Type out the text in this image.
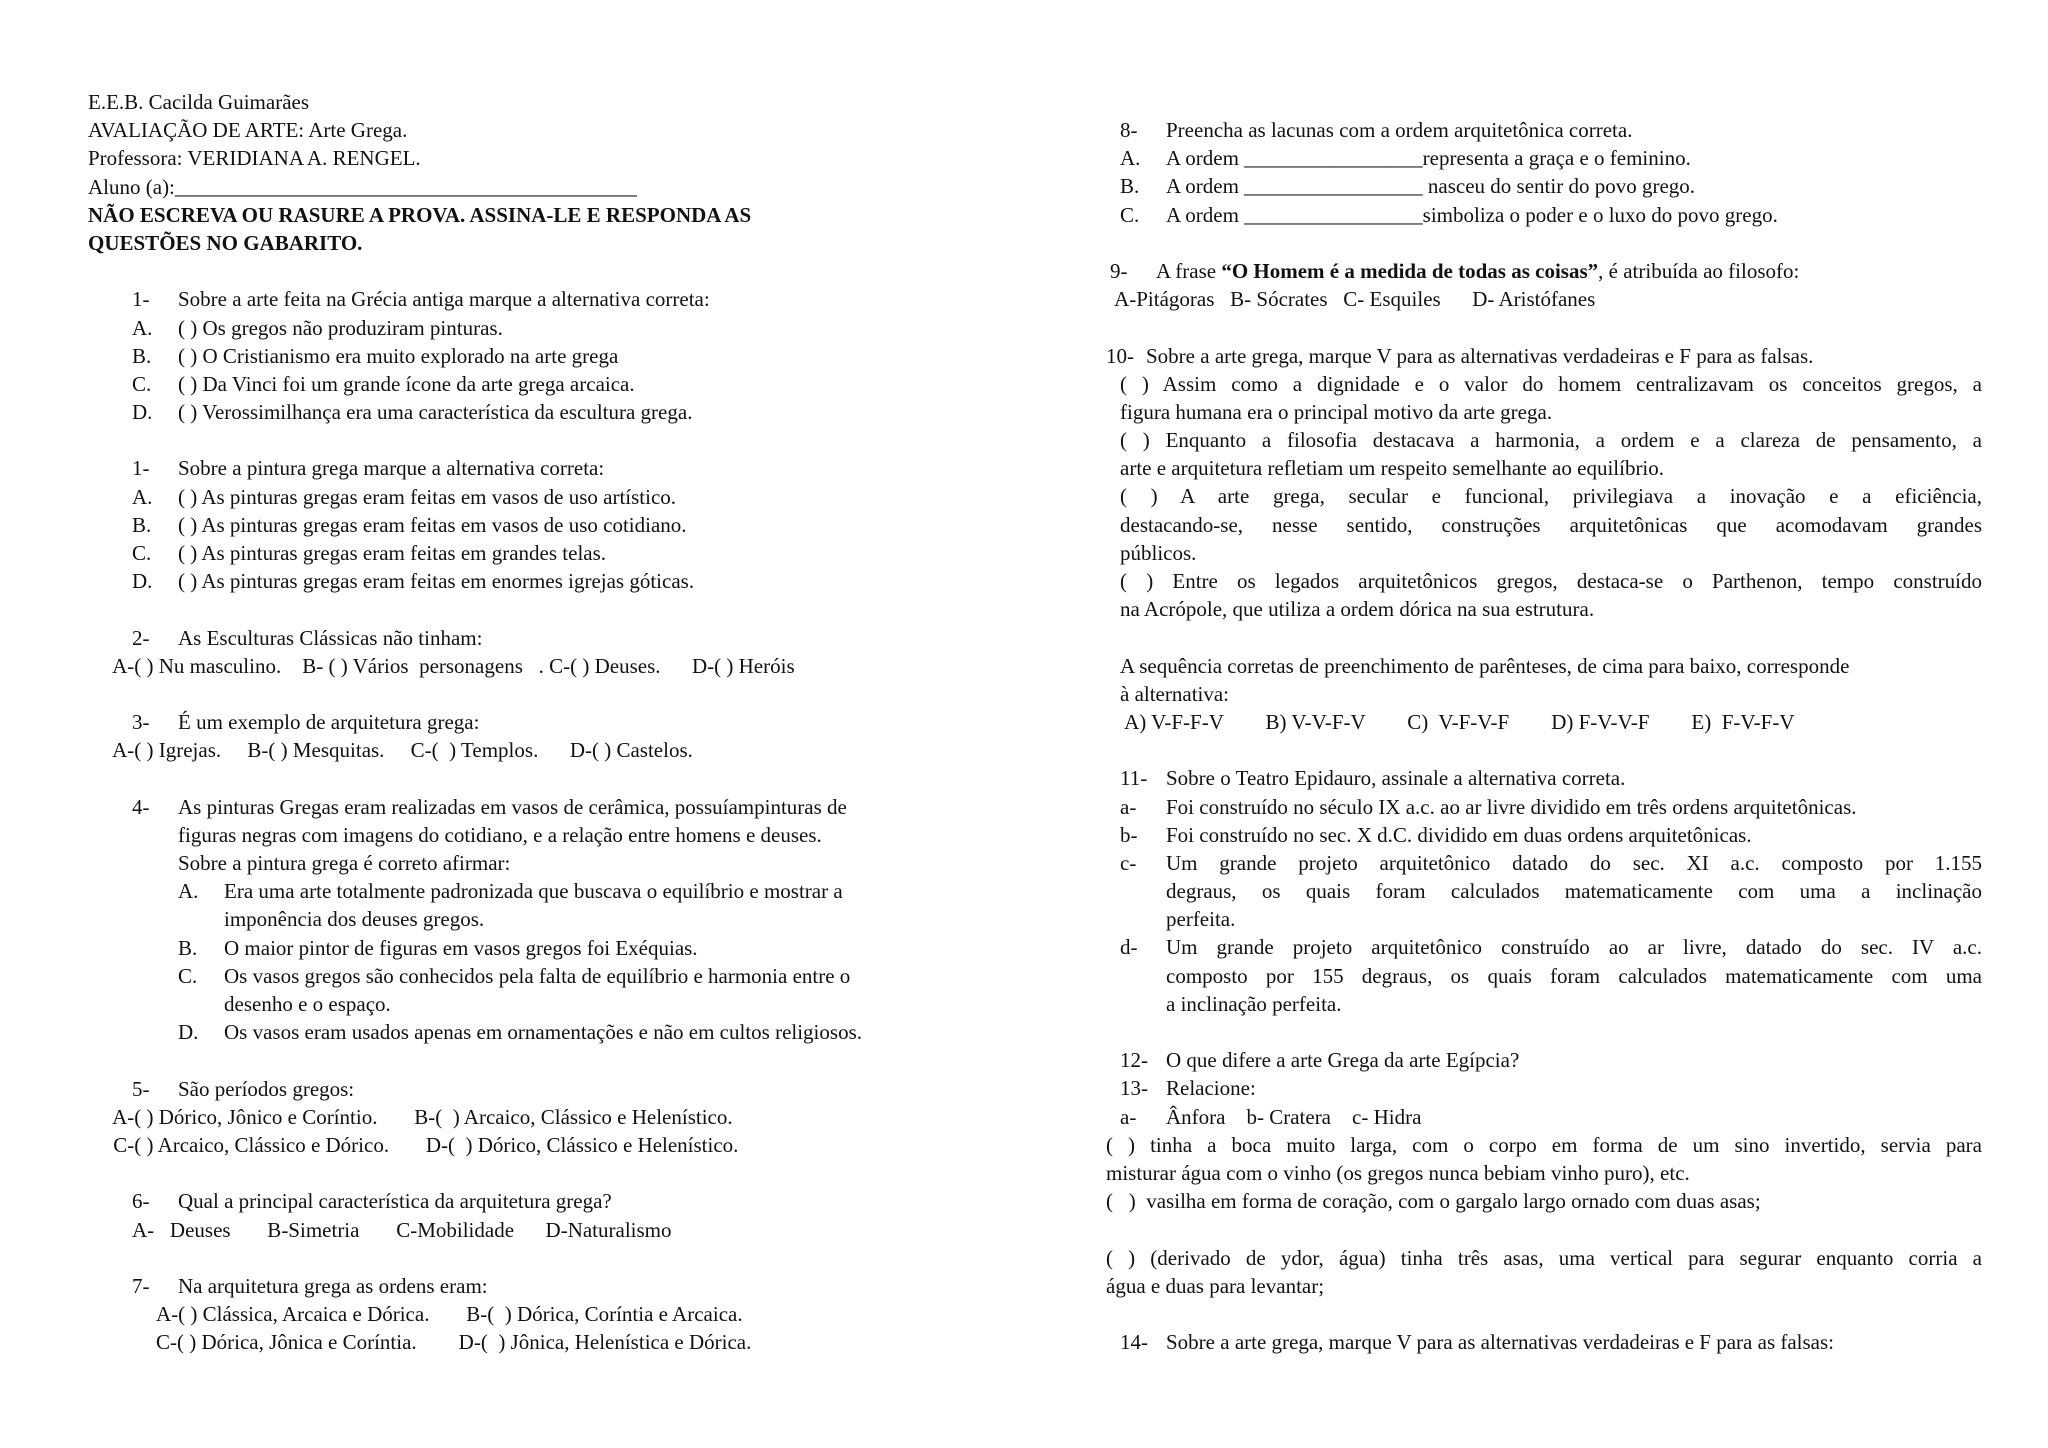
E.E.B. Cacilda Guimarães
AVALIAÇÃO DE ARTE: Arte Grega.
Professora: VERIDIANA A. RENGEL.
Aluno (a):____________________________________________
NÃO ESCREVA OU RASURE A PROVA. ASSINA-LE E RESPONDA AS
QUESTÕES NO GABARITO.
1- Sobre a arte feita na Grécia antiga marque a alternativa correta:
A. ( ) Os gregos não produziram pinturas.
B. ( ) O Cristianismo era muito explorado na arte grega
C. ( ) Da Vinci foi um grande ícone da arte grega arcaica.
D. ( ) Verossimilhança era uma característica da escultura grega.
1- Sobre a pintura grega marque a alternativa correta:
A. ( ) As pinturas gregas eram feitas em vasos de uso artístico.
B. ( ) As pinturas gregas eram feitas em vasos de uso cotidiano.
C. ( ) As pinturas gregas eram feitas em grandes telas.
D. ( ) As pinturas gregas eram feitas em enormes igrejas góticas.
2- As Esculturas Clássicas não tinham:
A-( ) Nu masculino.    B- ( ) Vários  personagens   . C-( ) Deuses.      D-( ) Heróis
3- É um exemplo de arquitetura grega:
A-( ) Igrejas.     B-( ) Mesquitas.     C-(  ) Templos.      D-( ) Castelos.
4- As pinturas Gregas eram realizadas em vasos de cerâmica, possuíampinturas de
figuras negras com imagens do cotidiano, e a relação entre homens e deuses.
Sobre a pintura grega é correto afirmar:
A. Era uma arte totalmente padronizada que buscava o equilíbrio e mostrar a
imponência dos deuses gregos.
B. O maior pintor de figuras em vasos gregos foi Exéquias.
C. Os vasos gregos são conhecidos pela falta de equilíbrio e harmonia entre o
desenho e o espaço.
D. Os vasos eram usados apenas em ornamentações e não em cultos religiosos.
5- São períodos gregos:
A-( ) Dórico, Jônico e Coríntio.       B-(  ) Arcaico, Clássico e Helenístico.
C-( ) Arcaico, Clássico e Dórico.       D-(  ) Dórico, Clássico e Helenístico.
6- Qual a principal característica da arquitetura grega?
A-   Deuses       B-Simetria       C-Mobilidade      D-Naturalismo
7- Na arquitetura grega as ordens eram:
A-( ) Clássica, Arcaica e Dórica.       B-(  ) Dórica, Coríntia e Arcaica.
C-( ) Dórica, Jônica e Coríntia.        D-(  ) Jônica, Helenística e Dórica.
8- Preencha as lacunas com a ordem arquitetônica correta.
A. A ordem _________________representa a graça e o feminino.
B. A ordem _________________ nasceu do sentir do povo grego.
C. A ordem _________________simboliza o poder e o luxo do povo grego.
9- A frase “O Homem é a medida de todas as coisas”, é atribuída ao filosofo:
A-Pitágoras   B- Sócrates   C- Esquiles      D- Aristófanes
10- Sobre a arte grega, marque V para as alternativas verdadeiras e F para as falsas.
( ) Assim como a dignidade e o valor do homem centralizavam os conceitos gregos, a
figura humana era o principal motivo da arte grega.
( ) Enquanto a filosofia destacava a harmonia, a ordem e a clareza de pensamento, a
arte e arquitetura refletiam um respeito semelhante ao equilíbrio.
( ) A arte grega, secular e funcional, privilegiava a inovação e a eficiência,
destacando-se, nesse sentido, construções arquitetônicas que acomodavam grandes
públicos.
( ) Entre os legados arquitetônicos gregos, destaca-se o Parthenon, tempo construído
na Acrópole, que utiliza a ordem dórica na sua estrutura.
A sequência corretas de preenchimento de parênteses, de cima para baixo, corresponde
à alternativa:
A) V-F-F-V        B) V-V-F-V        C)  V-F-V-F        D) F-V-V-F        E)  F-V-F-V
11- Sobre o Teatro Epidauro, assinale a alternativa correta.
a- Foi construído no século IX a.c. ao ar livre dividido em três ordens arquitetônicas.
b- Foi construído no sec. X d.C. dividido em duas ordens arquitetônicas.
c-	Um grande projeto arquitetônico datado do sec. XI a.c. composto por 1.155
degraus, os quais foram calculados matematicamente com uma a inclinação
perfeita.
d-	Um grande projeto arquitetônico construído ao ar livre, datado do sec. IV a.c.
composto por 155 degraus, os quais foram calculados matematicamente com uma
a inclinação perfeita.
12- O que difere a arte Grega da arte Egípcia?
13- Relacione:
a- Ânfora    b- Cratera    c- Hidra
( ) tinha a boca muito larga, com o corpo em forma de um sino invertido, servia para
misturar água com o vinho (os gregos nunca bebiam vinho puro), etc.
(   )  vasilha em forma de coração, com o gargalo largo ornado com duas asas;
( ) (derivado de ydor, água) tinha três asas, uma vertical para segurar enquanto corria a
água e duas para levantar;
14- Sobre a arte grega, marque V para as alternativas verdadeiras e F para as falsas:
